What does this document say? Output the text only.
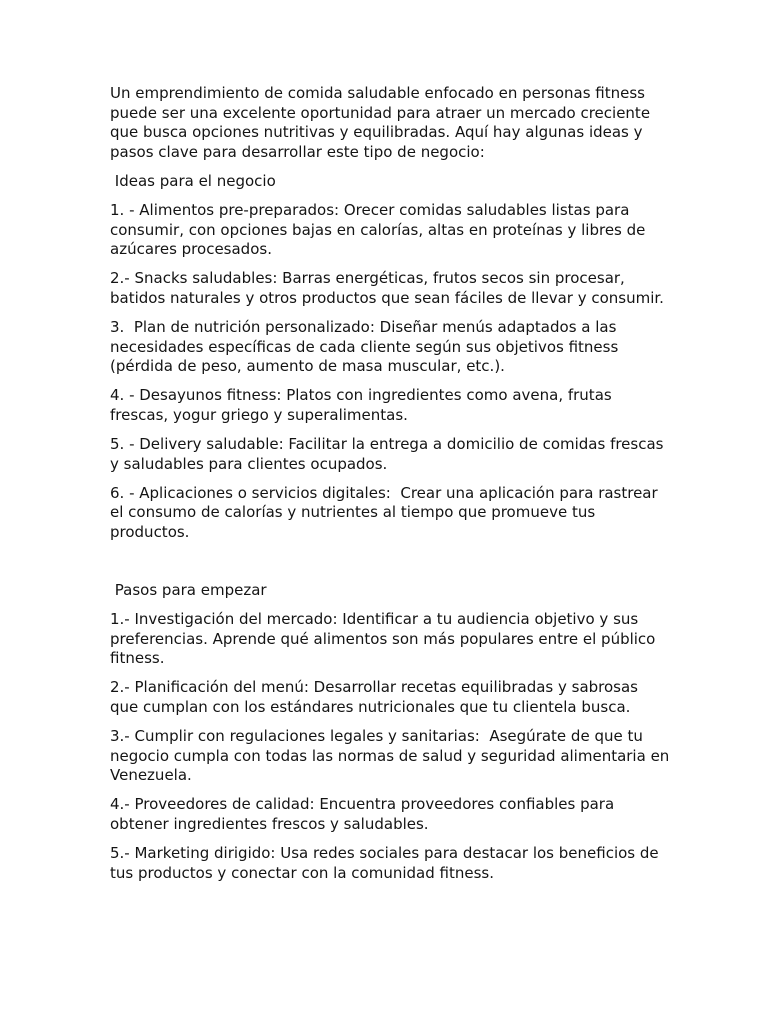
Un emprendimiento de comida saludable enfocado en personas fitness puede ser una excelente oportunidad para atraer un mercado creciente que busca opciones nutritivas y equilibradas. Aquí hay algunas ideas y pasos clave para desarrollar este tipo de negocio:

Ideas para el negocio

1. - Alimentos pre-preparados: Orecer comidas saludables listas para consumir, con opciones bajas en calorías, altas en proteínas y libres de azúcares procesados.

2.- Snacks saludables: Barras energéticas, frutos secos sin procesar, batidos naturales y otros productos que sean fáciles de llevar y consumir.

3.  Plan de nutrición personalizado: Diseñar menús adaptados a las necesidades específicas de cada cliente según sus objetivos fitness (pérdida de peso, aumento de masa muscular, etc.).

4. - Desayunos fitness: Platos con ingredientes como avena, frutas frescas, yogur griego y superalimentas.

5. - Delivery saludable: Facilitar la entrega a domicilio de comidas frescas y saludables para clientes ocupados.

6. - Aplicaciones o servicios digitales:  Crear una aplicación para rastrear el consumo de calorías y nutrientes al tiempo que promueve tus productos.

Pasos para empezar

1.- Investigación del mercado: Identificar a tu audiencia objetivo y sus preferencias. Aprende qué alimentos son más populares entre el público fitness.

2.- Planificación del menú: Desarrollar recetas equilibradas y sabrosas que cumplan con los estándares nutricionales que tu clientela busca.

3.- Cumplir con regulaciones legales y sanitarias:  Asegúrate de que tu negocio cumpla con todas las normas de salud y seguridad alimentaria en Venezuela.

4.- Proveedores de calidad: Encuentra proveedores confiables para obtener ingredientes frescos y saludables.

5.- Marketing dirigido: Usa redes sociales para destacar los beneficios de tus productos y conectar con la comunidad fitness.
